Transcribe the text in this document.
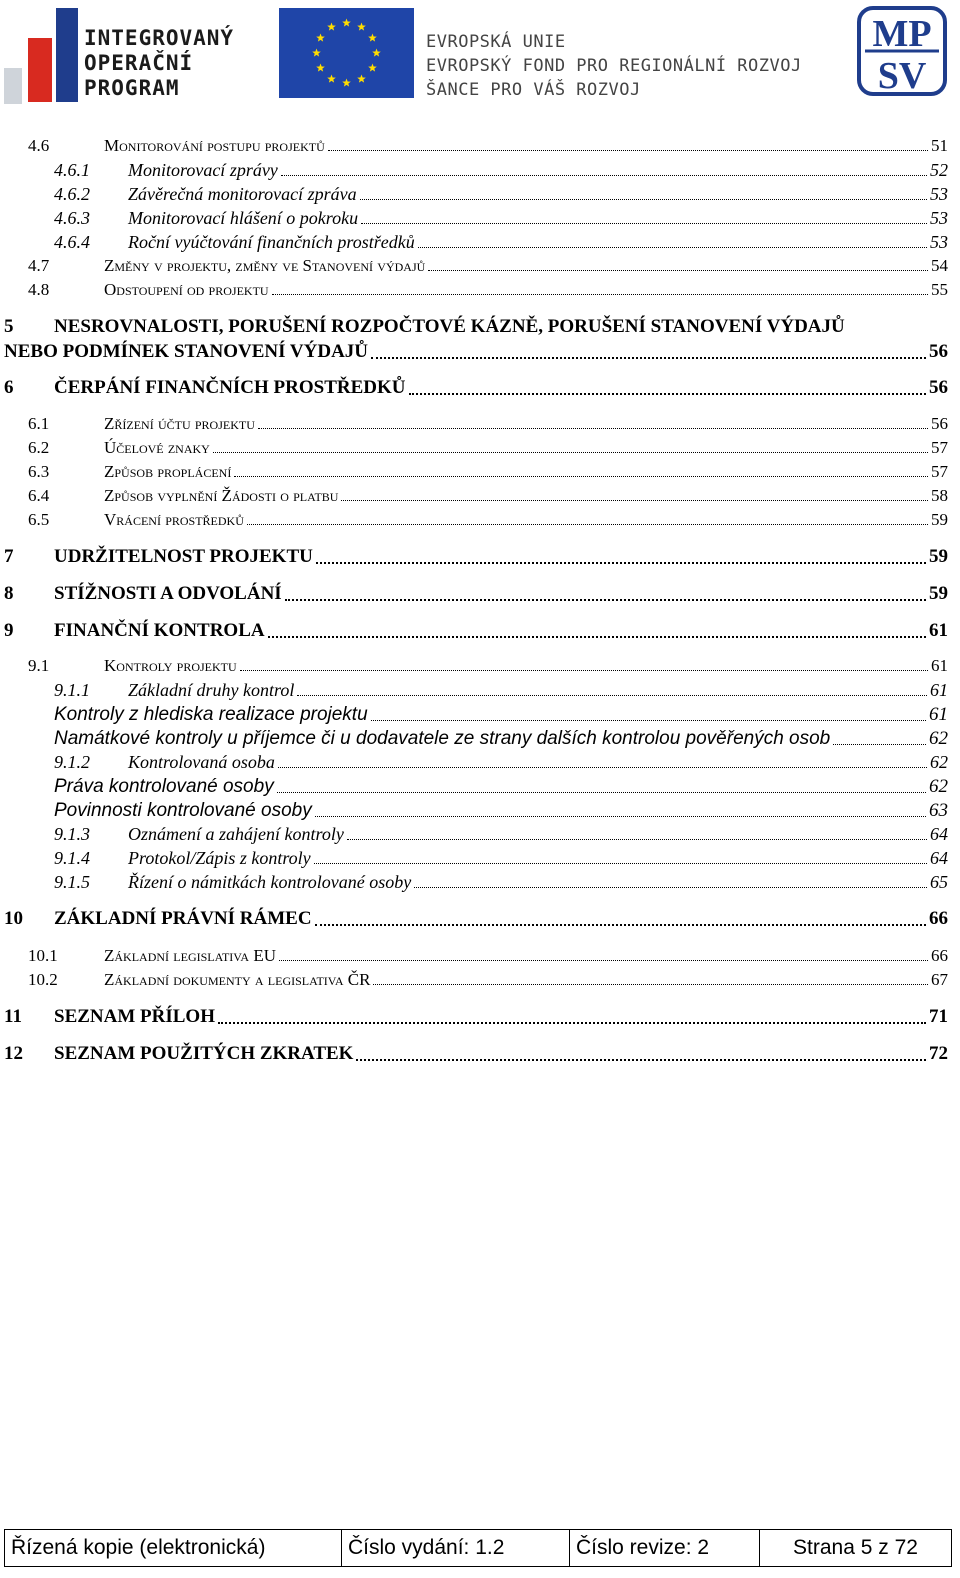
INTEGROVANÝ
OPERAČNÍ
PROGRAM
EVROPSKÁ UNIE
EVROPSKÝ FOND PRO REGIONÁLNÍ ROZVOJ
ŠANCE PRO VÁŠ ROZVOJ
MP
SV
4.6	Monitorování postupu projektů	51
4.6.1 Monitorovací zprávy	52
4.6.2 Závěrečná monitorovací zpráva	53
4.6.3 Monitorovací hlášení o pokroku	53
4.6.4 Roční vyúčtování finančních prostředků	53
4.7	Změny v projektu, změny ve Stanovení výdajů	54
4.8	Odstoupení od projektu	55
5 NESROVNALOSTI, PORUŠENÍ ROZPOČTOVÉ KÁZNĚ, PORUŠENÍ STANOVENÍ VÝDAJŮ
NEBO PODMÍNEK STANOVENÍ VÝDAJŮ	56
6 ČERPÁNÍ FINANČNÍCH PROSTŘEDKŮ	56
6.1	Zřízení účtu projektu	56
6.2	Účelové znaky	57
6.3	Způsob proplácení	57
6.4	Způsob vyplnění Žádosti o platbu	58
6.5	Vrácení prostředků	59
7 UDRŽITELNOST PROJEKTU	59
8 STÍŽNOSTI A ODVOLÁNÍ	59
9 FINANČNÍ KONTROLA	61
9.1	Kontroly projektu	61
9.1.1 Základní druhy kontrol	61
Kontroly z hlediska realizace projektu	61
Namátkové kontroly u příjemce či u dodavatele ze strany dalších kontrolou pověřených osob	62
9.1.2 Kontrolovaná osoba	62
Práva kontrolované osoby	62
Povinnosti kontrolované osoby	63
9.1.3 Oznámení a zahájení kontroly	64
9.1.4 Protokol/Zápis z kontroly	64
9.1.5 Řízení o námitkách kontrolované osoby	65
10 ZÁKLADNÍ PRÁVNÍ RÁMEC	66
10.1	Základní legislativa EU	66
10.2	Základní dokumenty a legislativa ČR	67
11 SEZNAM PŘÍLOH	71
12 SEZNAM POUŽITÝCH ZKRATEK	72
Řízená kopie (elektronická)	Číslo vydání: 1.2	Číslo revize: 2	Strana 5 z 72
